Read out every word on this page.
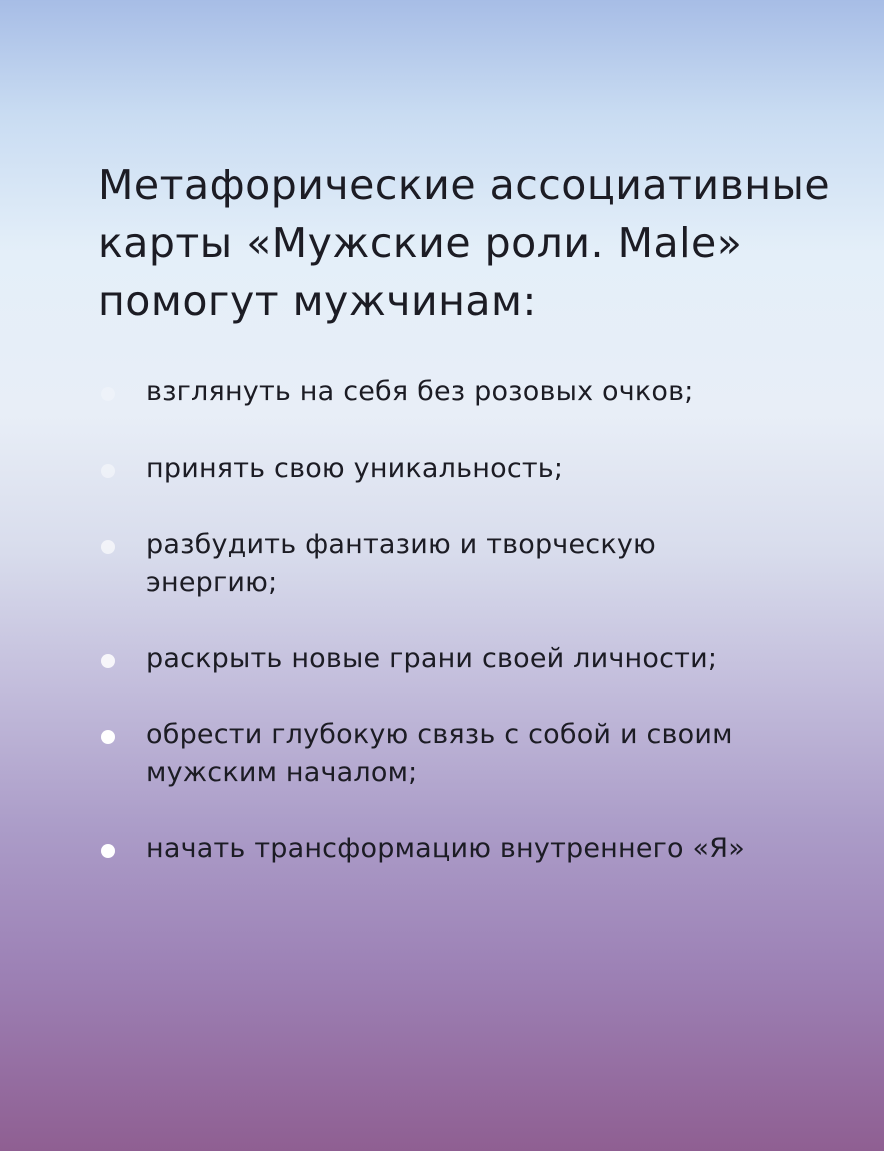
Метафорические ассоциативные
карты «Мужские роли. Male»
помогут мужчинам:
взглянуть на себя без розовых очков;
принять свою уникальность;
разбудить фантазию и творческую
энергию;
раскрыть новые грани своей личности;
обрести глубокую связь с собой и своим
мужским началом;
начать трансформацию внутреннего «Я»
